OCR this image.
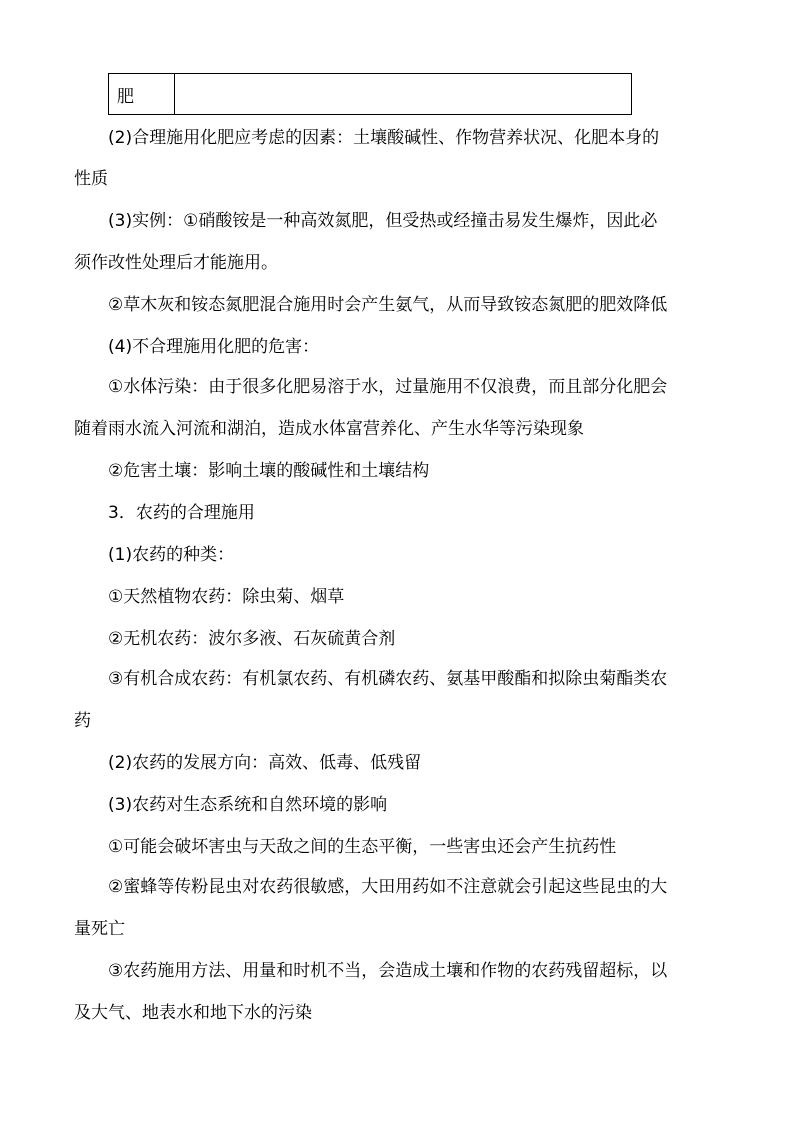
肥	

(2)合理施用化肥应考虑的因素：土壤酸碱性、作物营养状况、化肥本身的

性质

(3)实例：①硝酸铵是一种高效氮肥，但受热或经撞击易发生爆炸，因此必

须作改性处理后才能施用。

②草木灰和铵态氮肥混合施用时会产生氨气，从而导致铵态氮肥的肥效降低

(4)不合理施用化肥的危害：

①水体污染：由于很多化肥易溶于水，过量施用不仅浪费，而且部分化肥会

随着雨水流入河流和湖泊，造成水体富营养化、产生水华等污染现象

②危害土壤：影响土壤的酸碱性和土壤结构

3．农药的合理施用

(1)农药的种类：

①天然植物农药：除虫菊、烟草

②无机农药：波尔多液、石灰硫黄合剂

③有机合成农药：有机氯农药、有机磷农药、氨基甲酸酯和拟除虫菊酯类农

药

(2)农药的发展方向：高效、低毒、低残留

(3)农药对生态系统和自然环境的影响

①可能会破坏害虫与天敌之间的生态平衡，一些害虫还会产生抗药性

②蜜蜂等传粉昆虫对农药很敏感，大田用药如不注意就会引起这些昆虫的大

量死亡

③农药施用方法、用量和时机不当，会造成土壤和作物的农药残留超标，以

及大气、地表水和地下水的污染
